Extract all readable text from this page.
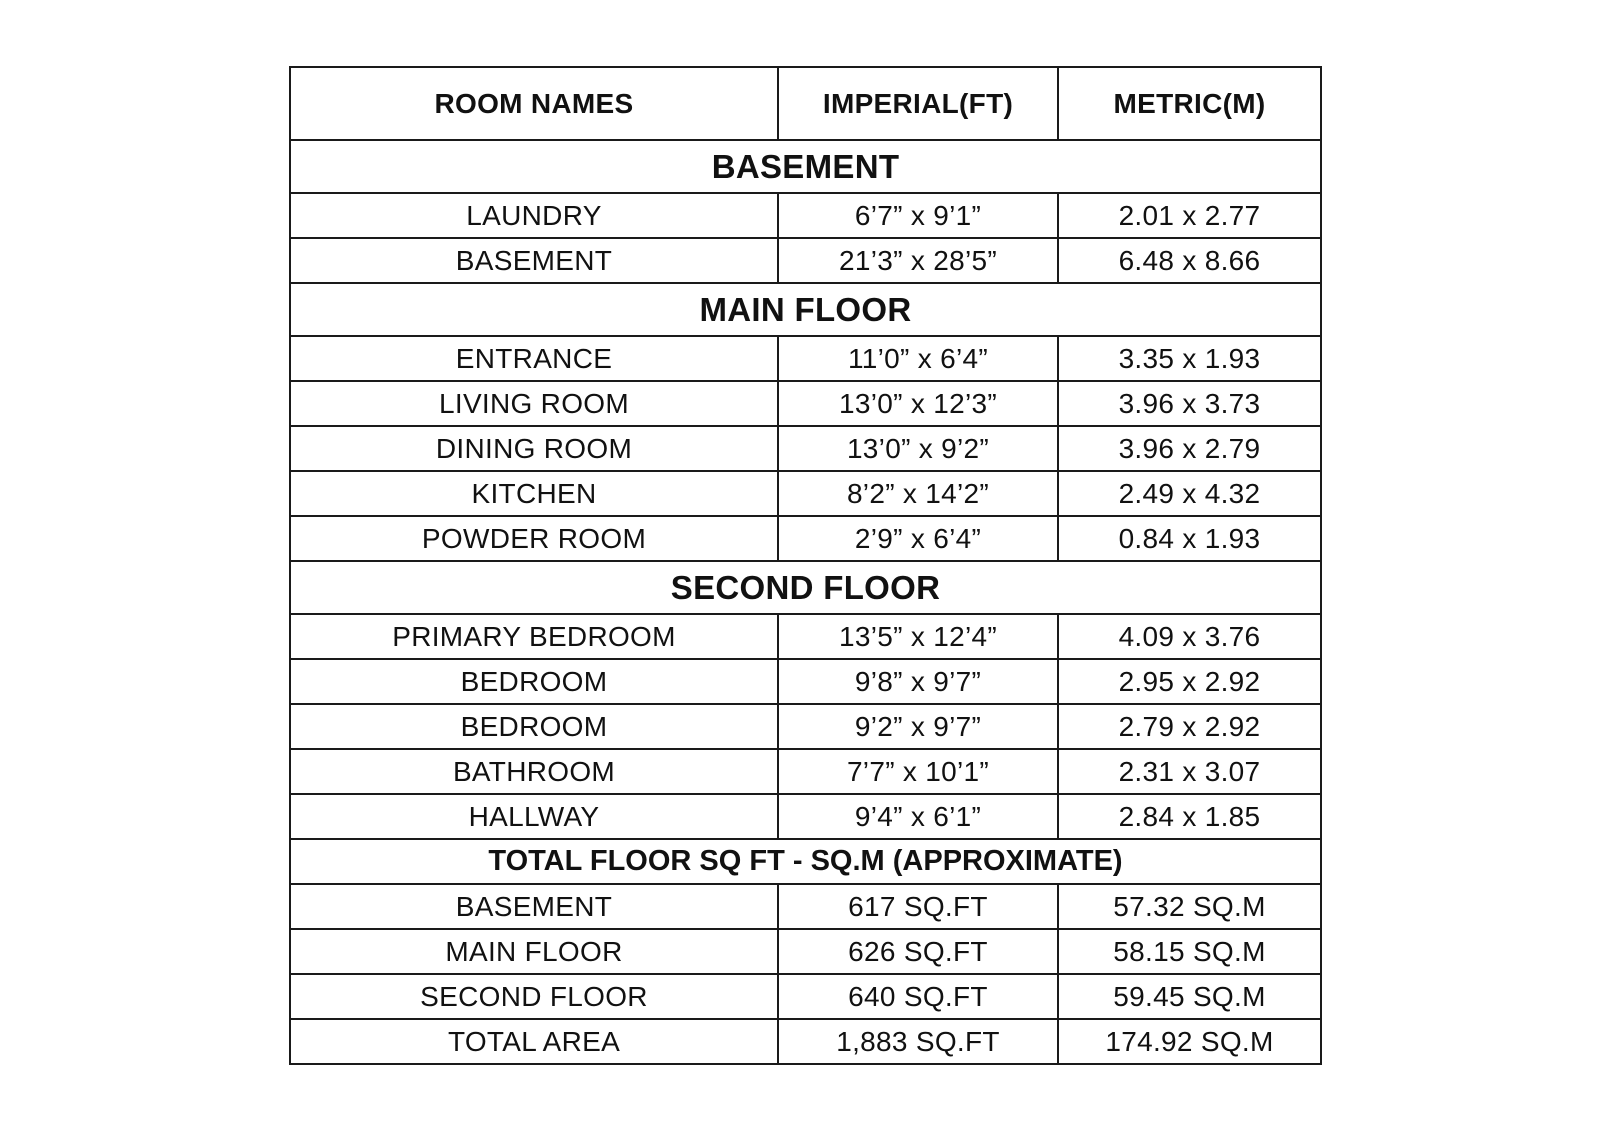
ROOM NAMES	IMPERIAL(FT)	METRIC(M)
BASEMENT		
LAUNDRY	6’7” x 9’1”	2.01 x 2.77
BASEMENT	21’3” x 28’5”	6.48 x 8.66
MAIN FLOOR		
ENTRANCE	11’0” x 6’4”	3.35 x 1.93
LIVING ROOM	13’0” x 12’3”	3.96 x 3.73
DINING ROOM	13’0” x 9’2”	3.96 x 2.79
KITCHEN	8’2” x 14’2”	2.49 x 4.32
POWDER ROOM	2’9” x 6’4”	0.84 x 1.93
SECOND FLOOR		
PRIMARY BEDROOM	13’5” x 12’4”	4.09 x 3.76
BEDROOM	9’8” x 9’7”	2.95 x 2.92
BEDROOM	9’2” x 9’7”	2.79 x 2.92
BATHROOM	7’7” x 10’1”	2.31 x 3.07
HALLWAY	9’4” x 6’1”	2.84 x 1.85
TOTAL FLOOR SQ FT - SQ.M (APPROXIMATE)		
BASEMENT	617 SQ.FT	57.32 SQ.M
MAIN FLOOR	626 SQ.FT	58.15 SQ.M
SECOND FLOOR	640 SQ.FT	59.45 SQ.M
TOTAL AREA	1,883 SQ.FT	174.92 SQ.M
